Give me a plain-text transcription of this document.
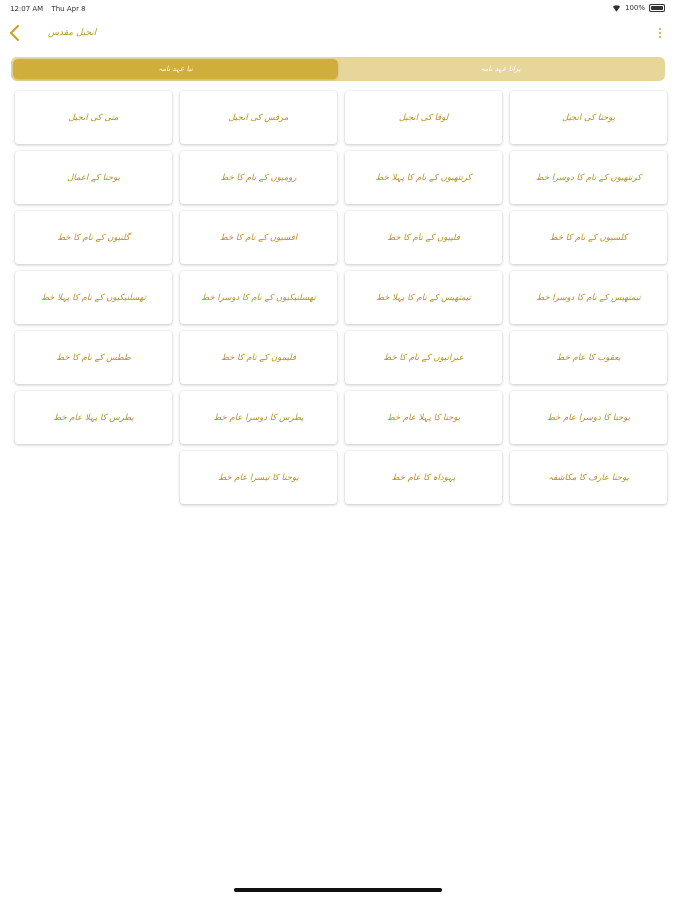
12:07 AM Thu Apr 8	100%
انجیل مقدس
نیا عہد نامہ	پرانا عہد نامہ
یوحنا کی انجیل
لوقا کی انجیل
مرقس کی انجیل
متی کی انجیل
کرنتھیوں کے نام کا دوسرا خط
کرنتھیوں کے نام کا پہلا خط
رومیوں کے نام کا خط
یوحنا کے اعمال
کلسیوں کے نام کا خط
فلپیوں کے نام کا خط
افسیوں کے نام کا خط
گلتیوں کے نام کا خط
تیمتھیس کے نام کا دوسرا خط
تیمتھیس کے نام کا پہلا خط
تھسلنیکیوں کے نام کا دوسرا خط
تھسلنیکیوں کے نام کا پہلا خط
یعقوب کا عام خط
عبرانیوں کے نام کا خط
فلیمون کے نام کا خط
ططس کے نام کا خط
یوحنا کا دوسرا عام خط
یوحنا کا پہلا عام خط
پطرس کا دوسرا عام خط
پطرس کا پہلا عام خط
یوحنا عارف کا مکاشفہ
یہوداہ کا عام خط
یوحنا کا تیسرا عام خط
